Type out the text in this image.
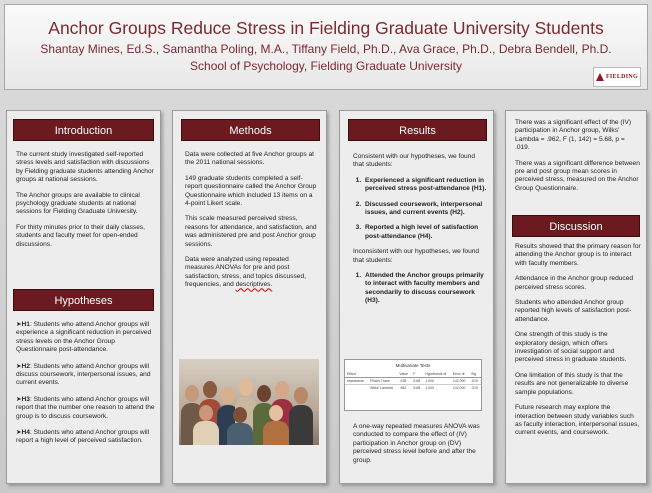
Anchor Groups Reduce Stress in Fielding Graduate University Students
Shantay Mines, Ed.S., Samantha Poling, M.A., Tiffany Field, Ph.D., Ava Grace, Ph.D., Debra Bendell, Ph.D.
School of Psychology, Fielding Graduate University
FIELDING
Introduction

The current study investigated self-reported stress levels and satisfaction with discussions by Fielding graduate students attending Anchor groups at national sessions.

The Anchor groups are available to clinical psychology graduate students at national sessions for Fielding Graduate University.

For thirty minutes prior to their daily classes, students and faculty meet for open-ended discussions.

Hypotheses

➤H1: Students who attend Anchor groups will experience a significant reduction in perceived stress levels on the Anchor Group Questionnaire post-attendance.

➤H2: Students who attend Anchor groups will discuss coursework, interpersonal issues, and current events.

➤H3: Students who attend Anchor groups will report that the number one reason to attend the group is to discuss coursework.

➤H4: Students who attend Anchor groups will report a high level of perceived satisfaction.

Methods

Data were collected at five Anchor groups at the 2011 national sessions.

149 graduate students completed a self-report questionnaire called the Anchor Group Questionnaire which included 13 items on a 4-point Likert scale.

This scale measured perceived stress, reasons for attendance, and satisfaction, and was administered pre and post Anchor group sessions.

Data were analyzed using repeated measures ANOVAs for pre and post satisfaction, stress, and topics discussed, frequencies, and descriptives.

Results

Consistent with our hypotheses, we found that students:

1. Experienced a significant reduction in perceived stress post-attendance (H1).
2. Discussed coursework, interpersonal issues, and current events (H2).
3. Reported a high level of satisfaction post-attendance (H4).

Inconsistent with our hypotheses, we found that students:

1. Attended the Anchor groups primarily to interact with faculty members and secondarily to discuss coursework (H3).
Multivariate Tests
Effect		Value	F	Hypothesis df	Error df	Sig.
timeaverse	Pillai's Trace	.038	5.68	1.000	142.000	.019
	Wilks' Lambda	.962	5.68	1.000	142.000	.019
A one-way repeated measures ANOVA was conducted to compare the effect of (IV) participation in Anchor group on (DV) perceived stress level before and after the group.

There was a significant effect of the (IV) participation in Anchor group, Wilks' Lambda = .962, F (1, 142) = 5.68, p = .019.

There was a significant difference between pre and post group mean scores in perceived stress, measured on the Anchor Group Questionnaire.

Discussion

Results showed that the primary reason for attending the Anchor group is to interact with faculty members.

Attendance in the Anchor group reduced perceived stress scores.

Students who attended Anchor group reported high levels of satisfaction post-attendance.

One strength of this study is the exploratory design, which offers investigation of social support and perceived stress in graduate students.

One limitation of this study is that the results are not generalizable to diverse sample populations.

Future research may explore the interaction between study variables such as faculty interaction, interpersonal issues, current events, and coursework.
